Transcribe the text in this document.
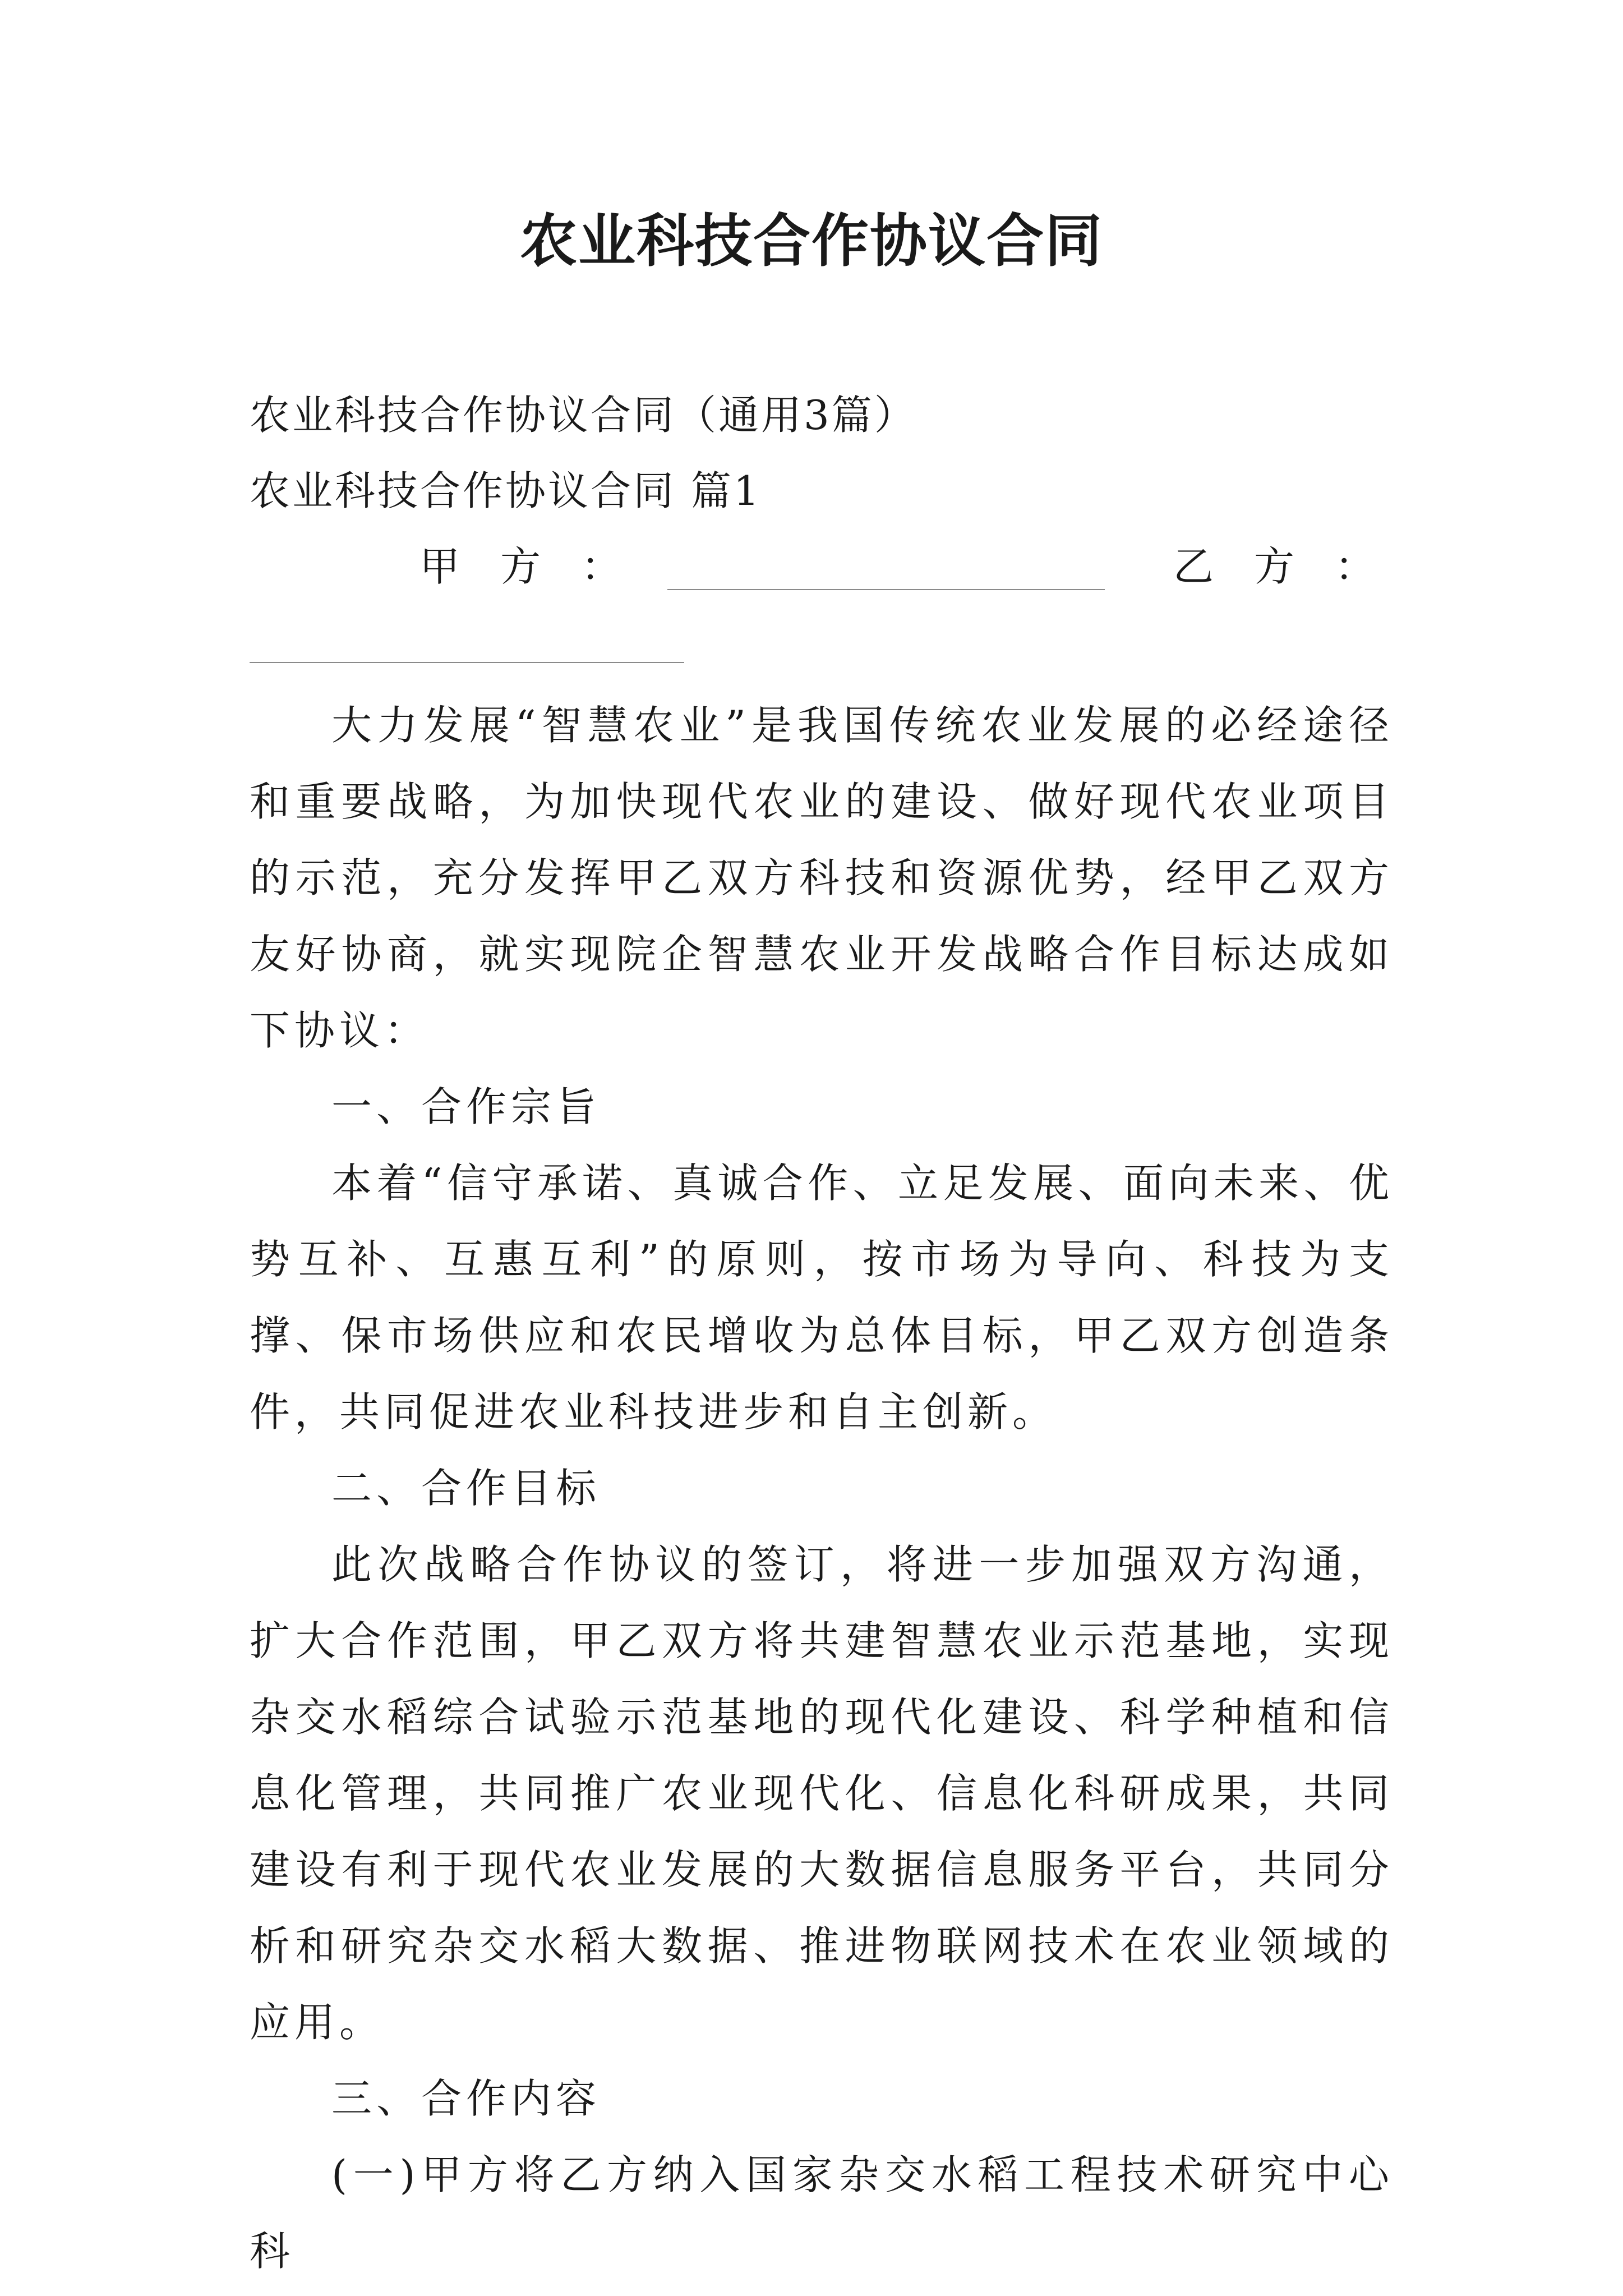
农业科技合作协议合同
农业科技合作协议合同（通用3篇）
农业科技合作协议合同 篇1
甲　方　：	乙　方　：

大力发展“智慧农业”是我国传统农业发展的必经途径和重要战略，为加快现代农业的建设、做好现代农业项目的示范，充分发挥甲乙双方科技和资源优势，经甲乙双方友好协商，就实现院企智慧农业开发战略合作目标达成如下协议：

一、合作宗旨

本着“信守承诺、真诚合作、立足发展、面向未来、优势互补、互惠互利”的原则，按市场为导向、科技为支撑、保市场供应和农民增收为总体目标，甲乙双方创造条件，共同促进农业科技进步和自主创新。

二、合作目标

此次战略合作协议的签订，将进一步加强双方沟通，扩大合作范围，甲乙双方将共建智慧农业示范基地，实现杂交水稻综合试验示范基地的现代化建设、科学种植和信息化管理，共同推广农业现代化、信息化科研成果，共同建设有利于现代农业发展的大数据信息服务平台，共同分析和研究杂交水稻大数据、推进物联网技术在农业领域的应用。

三、合作内容

(一)甲方将乙方纳入国家杂交水稻工程技术研究中心科
